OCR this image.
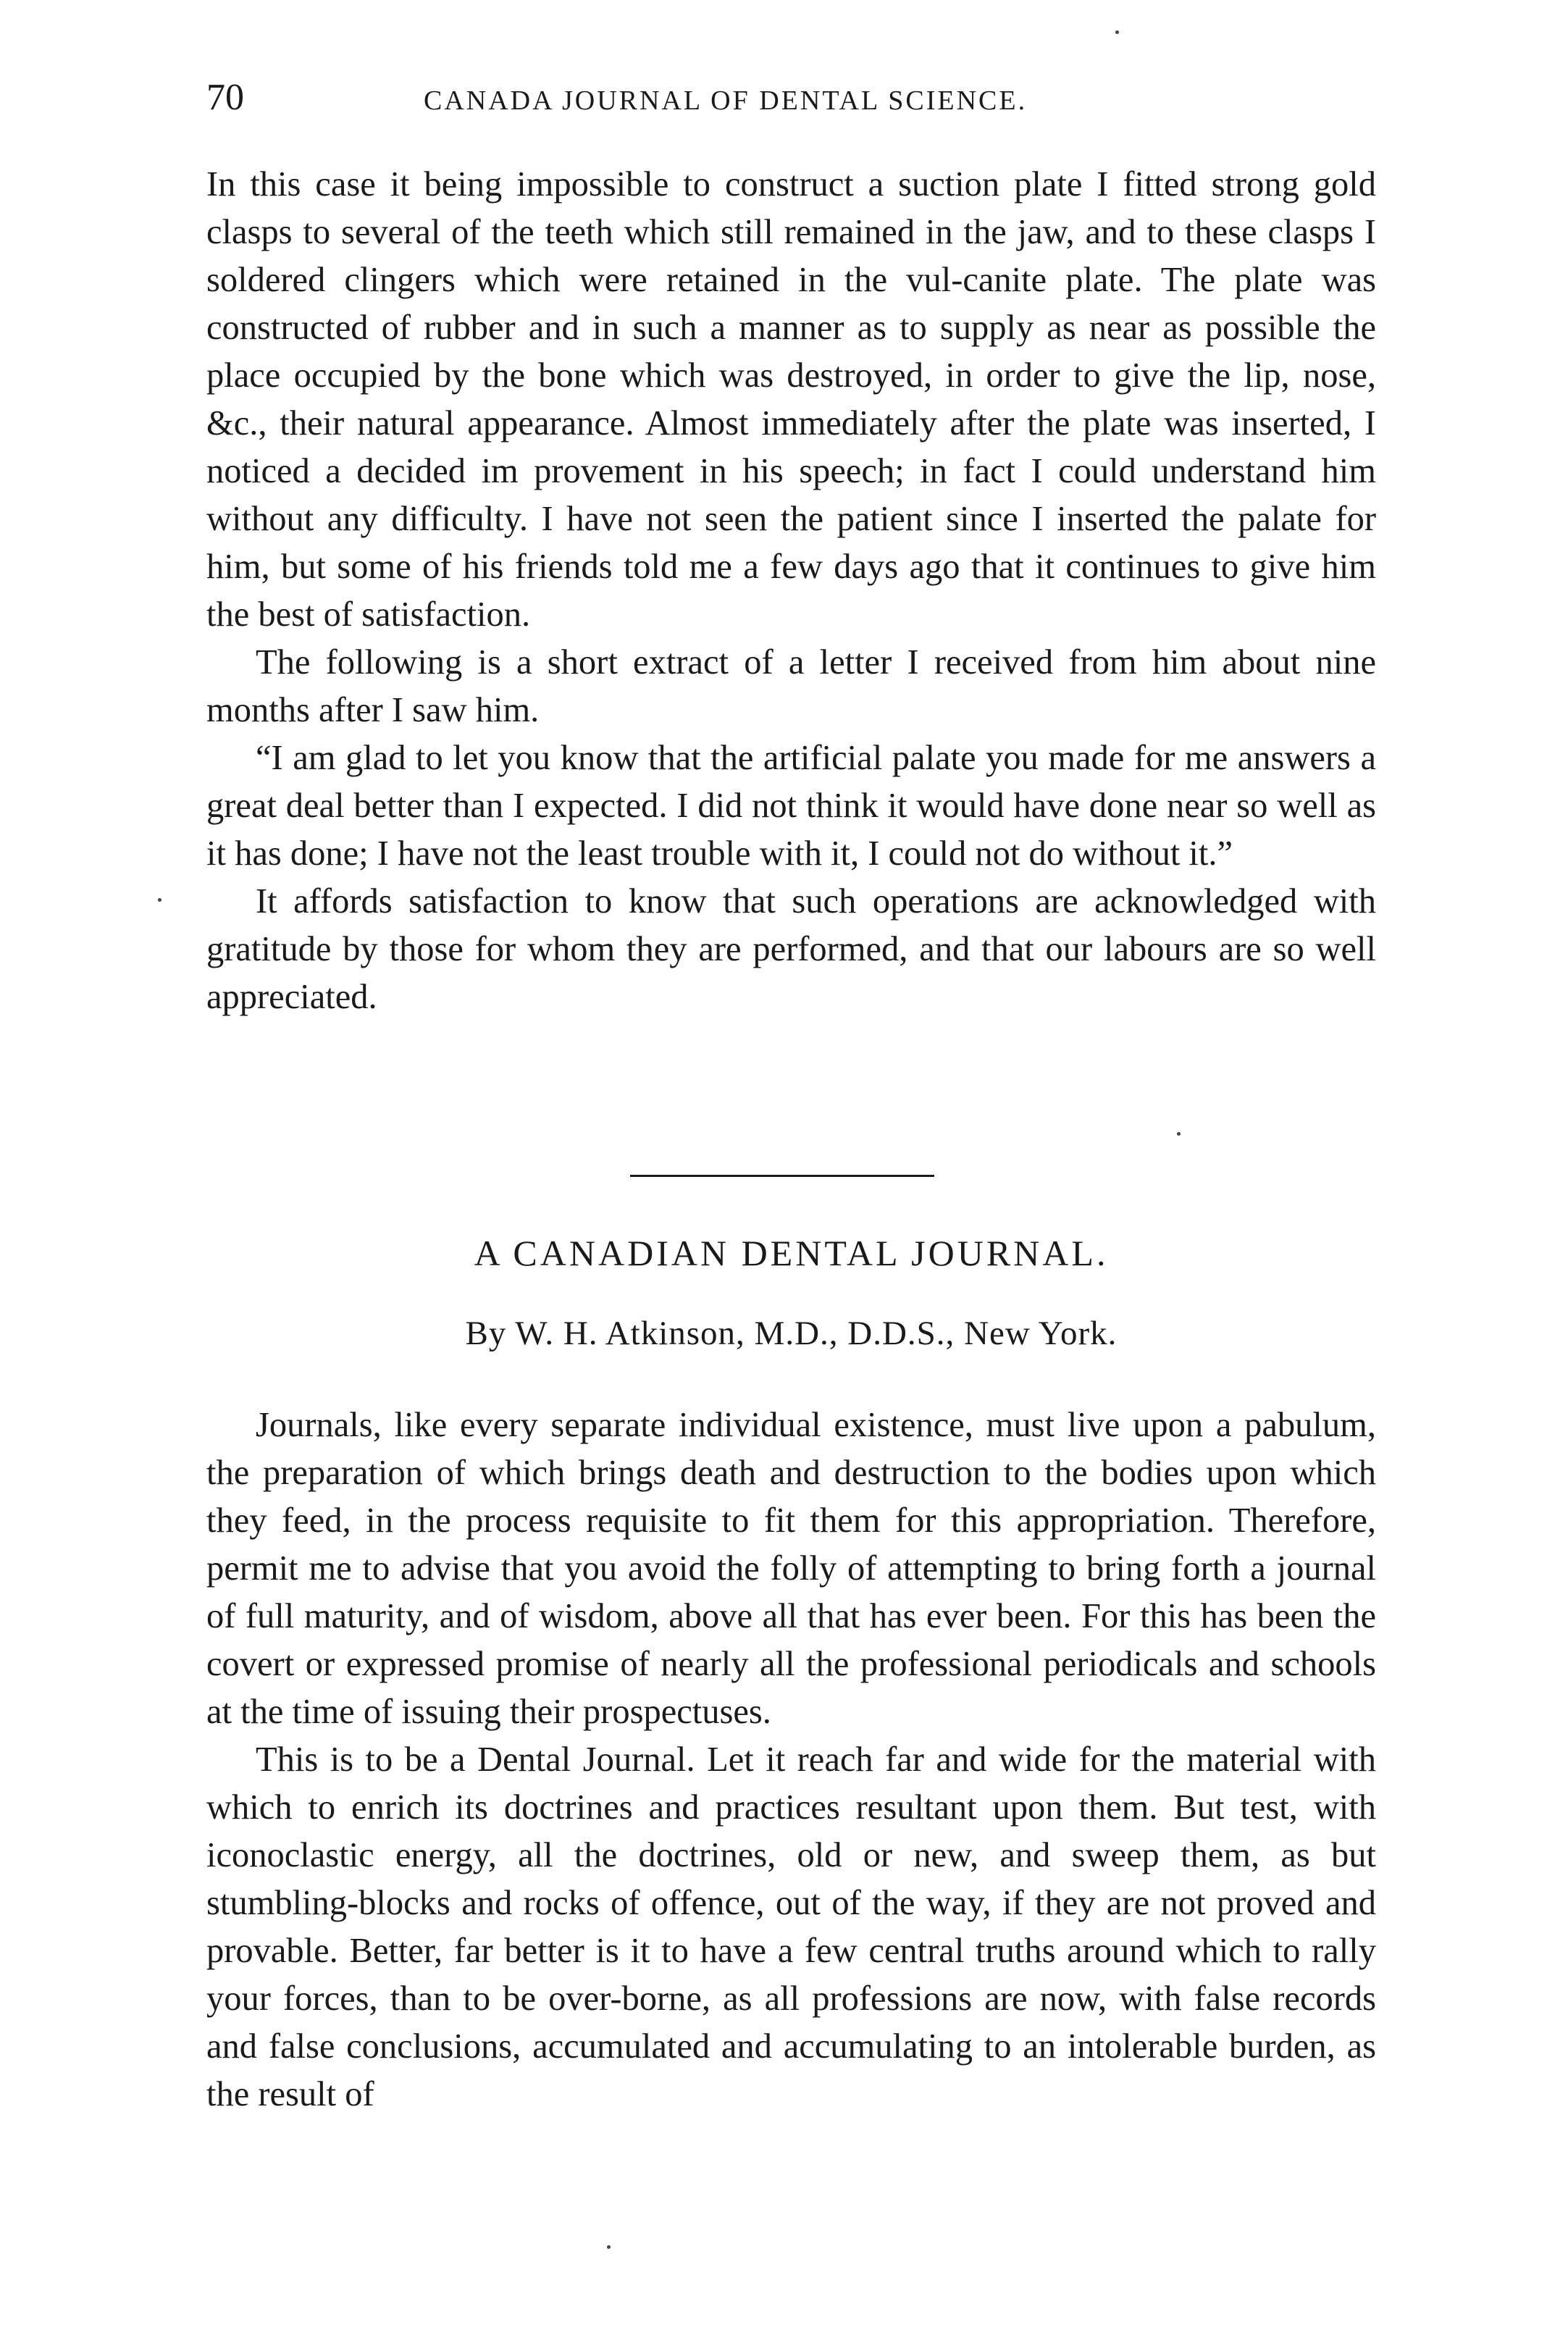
70	CANADA JOURNAL OF DENTAL SCIENCE.

In this case it being impossible to construct a suction plate I fitted strong gold clasps to several of the teeth which still remained in the jaw, and to these clasps I soldered clingers which were retained in the vul-canite plate. The plate was constructed of rubber and in such a manner as to supply as near as possible the place occupied by the bone which was destroyed, in order to give the lip, nose, &c., their natural appearance. Almost immediately after the plate was inserted, I noticed a decided im provement in his speech; in fact I could understand him without any difficulty. I have not seen the patient since I inserted the palate for him, but some of his friends told me a few days ago that it continues to give him the best of satisfaction.

The following is a short extract of a letter I received from him about nine months after I saw him.

“I am glad to let you know that the artificial palate you made for me answers a great deal better than I expected. I did not think it would have done near so well as it has done; I have not the least trouble with it, I could not do without it.”

It affords satisfaction to know that such operations are acknowledged with gratitude by those for whom they are performed, and that our labours are so well appreciated.

A CANADIAN DENTAL JOURNAL.
By W. H. Atkinson, M.D., D.D.S., New York.

Journals, like every separate individual existence, must live upon a pabulum, the preparation of which brings death and destruction to the bodies upon which they feed, in the process requisite to fit them for this appropriation. Therefore, permit me to advise that you avoid the folly of attempting to bring forth a journal of full maturity, and of wisdom, above all that has ever been. For this has been the covert or expressed promise of nearly all the professional periodicals and schools at the time of issuing their prospectuses.

This is to be a Dental Journal. Let it reach far and wide for the material with which to enrich its doctrines and practices resultant upon them. But test, with iconoclastic energy, all the doctrines, old or new, and sweep them, as but stumbling-blocks and rocks of offence, out of the way, if they are not proved and provable. Better, far better is it to have a few central truths around which to rally your forces, than to be over-borne, as all professions are now, with false records and false conclusions, accumulated and accumulating to an intolerable burden, as the result of
